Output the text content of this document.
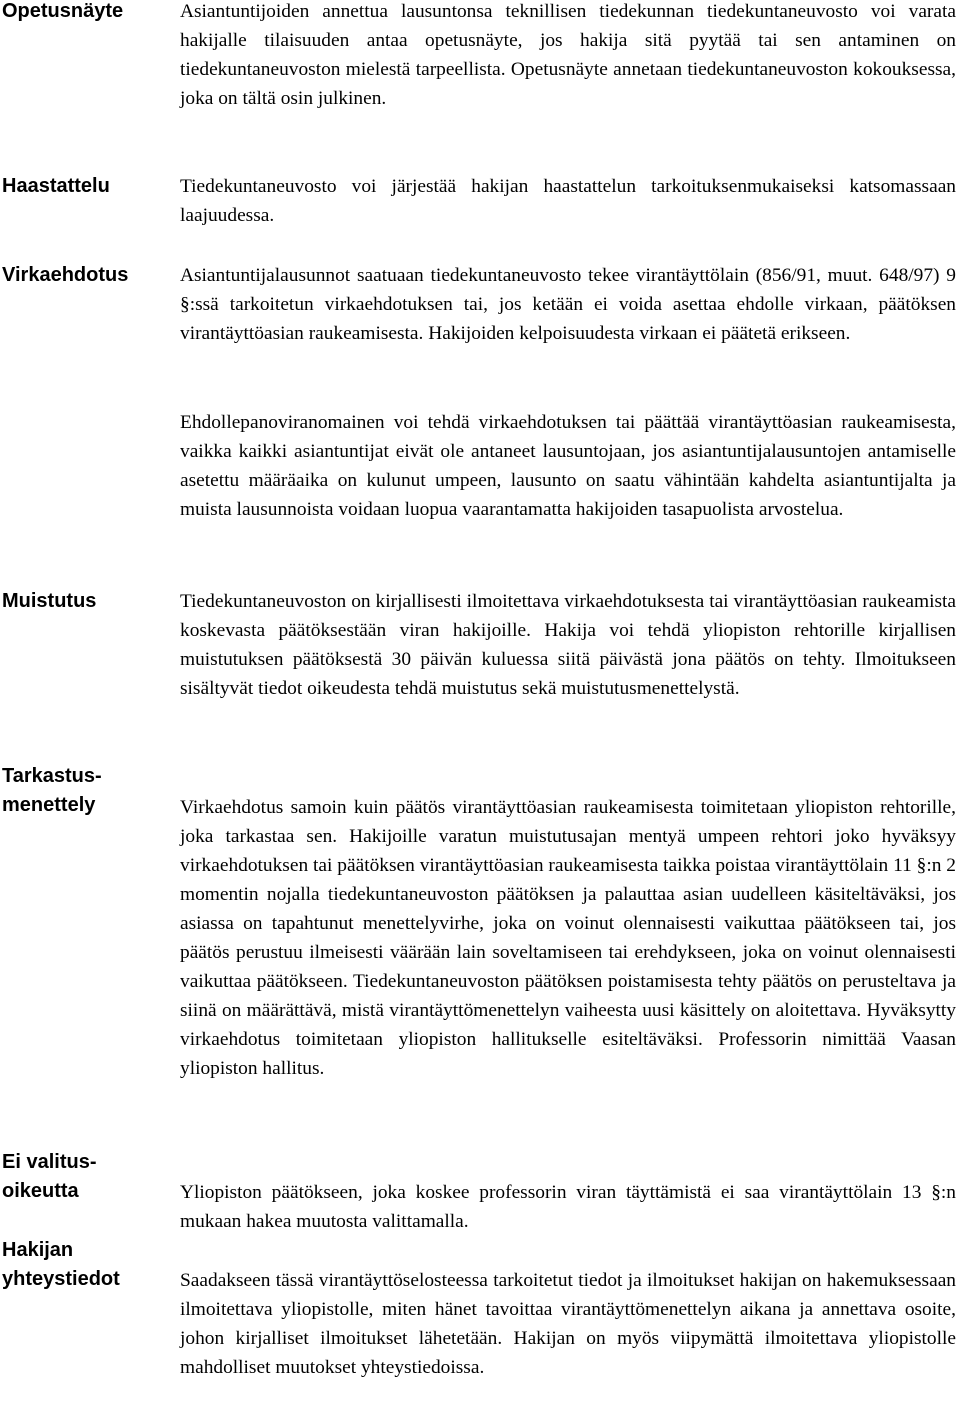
Opetusnäyte	Asiantuntijoiden annettua lausuntonsa teknillisen tiedekunnan tiedekuntaneuvosto voi varata hakijalle tilaisuuden antaa opetusnäyte, jos hakija sitä pyytää tai sen antaminen on tiedekuntaneuvoston mielestä tarpeellista. Opetusnäyte annetaan tiedekuntaneuvoston kokouksessa, joka on tältä osin julkinen.

Haastattelu	Tiedekuntaneuvosto voi järjestää hakijan haastattelun tarkoituksenmukaiseksi katsomassaan laajuudessa.

Virkaehdotus	Asiantuntijalausunnot saatuaan tiedekuntaneuvosto tekee virantäyttölain (856/91, muut. 648/97) 9 §:ssä tarkoitetun virkaehdotuksen tai, jos ketään ei voida asettaa ehdolle virkaan, päätöksen virantäyttöasian raukeamisesta. Hakijoiden kelpoisuudesta virkaan ei päätetä erikseen.

Ehdollepanoviranomainen voi tehdä virkaehdotuksen tai päättää virantäyttöasian raukeamisesta, vaikka kaikki asiantuntijat eivät ole antaneet lausuntojaan, jos asiantuntijalausuntojen antamiselle asetettu määräaika on kulunut umpeen, lausunto on saatu vähintään kahdelta asiantuntijalta ja muista lausunnoista voidaan luopua vaarantamatta hakijoiden tasapuolista arvostelua.

Muistutus	Tiedekuntaneuvoston on kirjallisesti ilmoitettava virkaehdotuksesta tai virantäyttöasian raukeamista koskevasta päätöksestään viran hakijoille. Hakija voi tehdä yliopiston rehtorille kirjallisen muistutuksen päätöksestä 30 päivän kuluessa siitä päivästä jona päätös on tehty. Ilmoitukseen sisältyvät tiedot oikeudesta tehdä muistutus sekä muistutusmenettelystä.

Tarkastus-
menettely	Virkaehdotus samoin kuin päätös virantäyttöasian raukeamisesta toimitetaan yliopiston rehtorille, joka tarkastaa sen. Hakijoille varatun muistutusajan mentyä umpeen rehtori joko hyväksyy virkaehdotuksen tai päätöksen virantäyttöasian raukeamisesta taikka poistaa virantäyttölain 11 §:n 2 momentin nojalla tiedekuntaneuvoston päätöksen ja palauttaa asian uudelleen käsiteltäväksi, jos asiassa on tapahtunut menettelyvirhe, joka on voinut olennaisesti vaikuttaa päätökseen tai, jos päätös perustuu ilmeisesti väärään lain soveltamiseen tai erehdykseen, joka on voinut olennaisesti vaikuttaa päätökseen. Tiedekuntaneuvoston päätöksen poistamisesta tehty päätös on perusteltava ja siinä on määrättävä, mistä virantäyttömenettelyn vaiheesta uusi käsittely on aloitettava. Hyväksytty virkaehdotus toimitetaan yliopiston hallitukselle esiteltäväksi. Professorin nimittää Vaasan yliopiston hallitus.

Ei valitus-
oikeutta	Yliopiston päätökseen, joka koskee professorin viran täyttämistä ei saa virantäyttölain 13 §:n mukaan hakea muutosta valittamalla.

Hakijan
yhteystiedot	Saadakseen tässä virantäyttöselosteessa tarkoitetut tiedot ja ilmoitukset hakijan on hakemuksessaan ilmoitettava yliopistolle, miten hänet tavoittaa virantäyttömenettelyn aikana ja annettava osoite, johon kirjalliset ilmoitukset lähetetään. Hakijan on myös viipymättä ilmoitettava yliopistolle mahdolliset muutokset yhteystiedoissa.
